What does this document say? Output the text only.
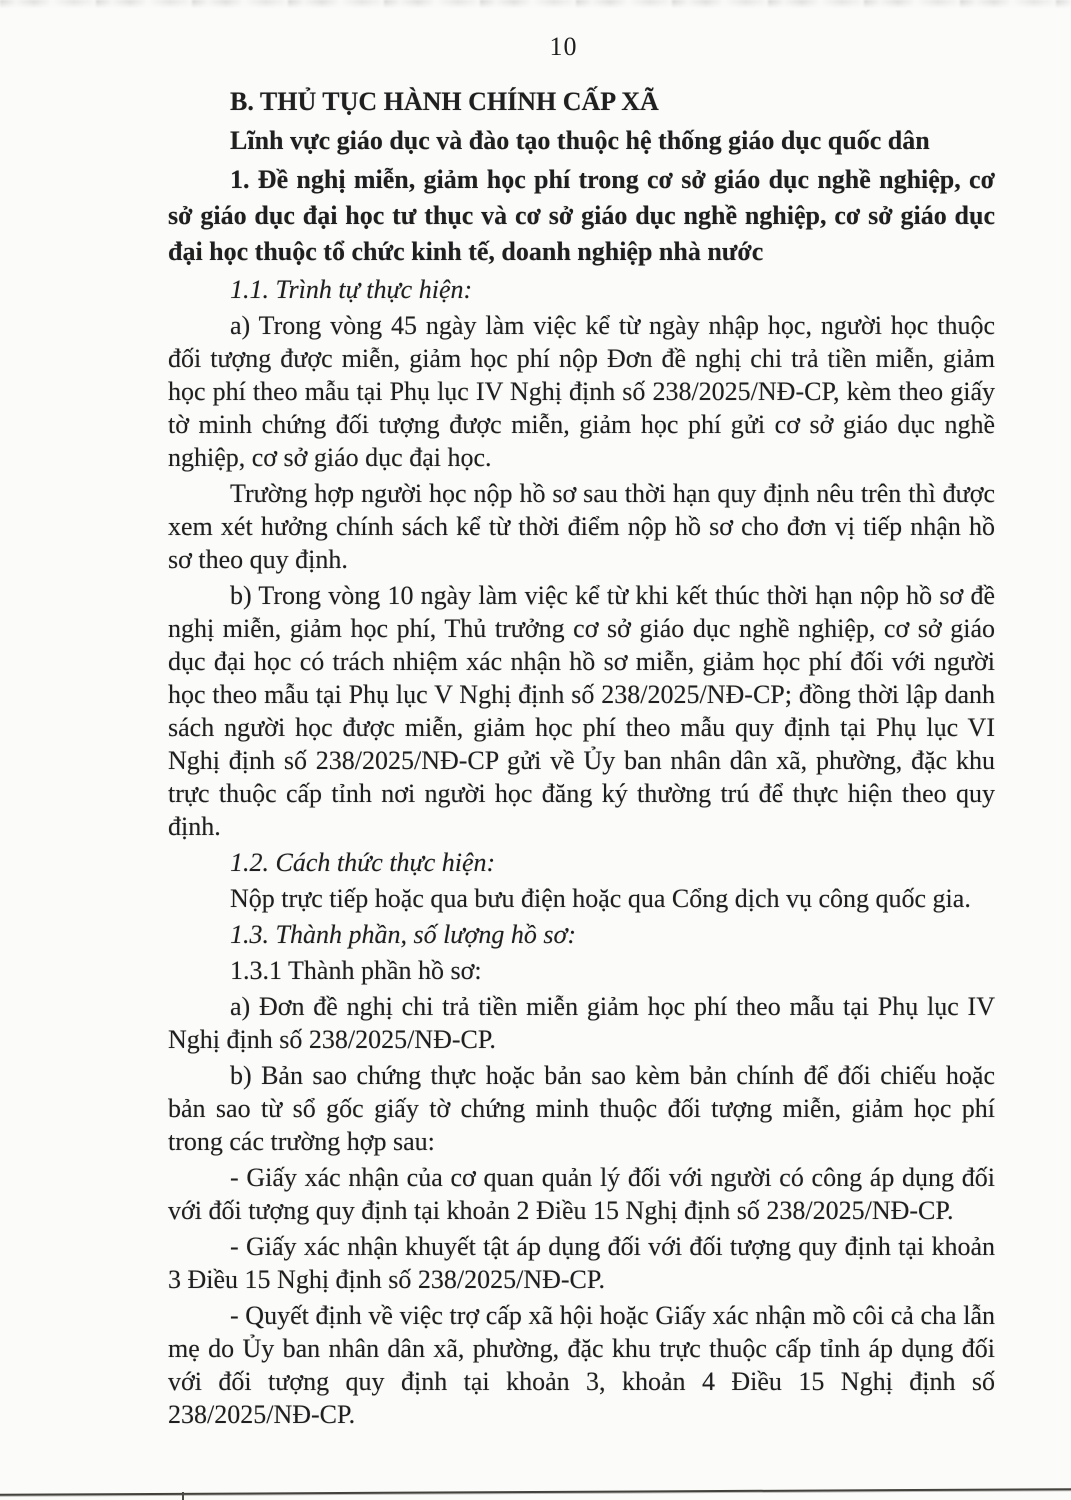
10

B. THỦ TỤC HÀNH CHÍNH CẤP XÃ

Lĩnh vực giáo dục và đào tạo thuộc hệ thống giáo dục quốc dân

1. Đề nghị miễn, giảm học phí trong cơ sở giáo dục nghề nghiệp, cơ sở giáo dục đại học tư thục và cơ sở giáo dục nghề nghiệp, cơ sở giáo dục đại học thuộc tổ chức kinh tế, doanh nghiệp nhà nước

1.1. Trình tự thực hiện:

a) Trong vòng 45 ngày làm việc kể từ ngày nhập học, người học thuộc đối tượng được miễn, giảm học phí nộp Đơn đề nghị chi trả tiền miễn, giảm học phí theo mẫu tại Phụ lục IV Nghị định số 238/2025/NĐ-CP, kèm theo giấy tờ minh chứng đối tượng được miễn, giảm học phí gửi cơ sở giáo dục nghề nghiệp, cơ sở giáo dục đại học.

Trường hợp người học nộp hồ sơ sau thời hạn quy định nêu trên thì được xem xét hưởng chính sách kể từ thời điểm nộp hồ sơ cho đơn vị tiếp nhận hồ sơ theo quy định.

b) Trong vòng 10 ngày làm việc kể từ khi kết thúc thời hạn nộp hồ sơ đề nghị miễn, giảm học phí, Thủ trưởng cơ sở giáo dục nghề nghiệp, cơ sở giáo dục đại học có trách nhiệm xác nhận hồ sơ miễn, giảm học phí đối với người học theo mẫu tại Phụ lục V Nghị định số 238/2025/NĐ-CP; đồng thời lập danh sách người học được miễn, giảm học phí theo mẫu quy định tại Phụ lục VI Nghị định số 238/2025/NĐ-CP gửi về Ủy ban nhân dân xã, phường, đặc khu trực thuộc cấp tỉnh nơi người học đăng ký thường trú để thực hiện theo quy định.

1.2. Cách thức thực hiện:

Nộp trực tiếp hoặc qua bưu điện hoặc qua Cổng dịch vụ công quốc gia.

1.3. Thành phần, số lượng hồ sơ:

1.3.1 Thành phần hồ sơ:

a) Đơn đề nghị chi trả tiền miễn giảm học phí theo mẫu tại Phụ lục IV Nghị định số 238/2025/NĐ-CP.

b) Bản sao chứng thực hoặc bản sao kèm bản chính để đối chiếu hoặc bản sao từ sổ gốc giấy tờ chứng minh thuộc đối tượng miễn, giảm học phí trong các trường hợp sau:

- Giấy xác nhận của cơ quan quản lý đối với người có công áp dụng đối với đối tượng quy định tại khoản 2 Điều 15 Nghị định số 238/2025/NĐ-CP.

- Giấy xác nhận khuyết tật áp dụng đối với đối tượng quy định tại khoản 3 Điều 15 Nghị định số 238/2025/NĐ-CP.

- Quyết định về việc trợ cấp xã hội hoặc Giấy xác nhận mồ côi cả cha lẫn mẹ do Ủy ban nhân dân xã, phường, đặc khu trực thuộc cấp tỉnh áp dụng đối với đối tượng quy định tại khoản 3, khoản 4 Điều 15 Nghị định số 238/2025/NĐ-CP.
